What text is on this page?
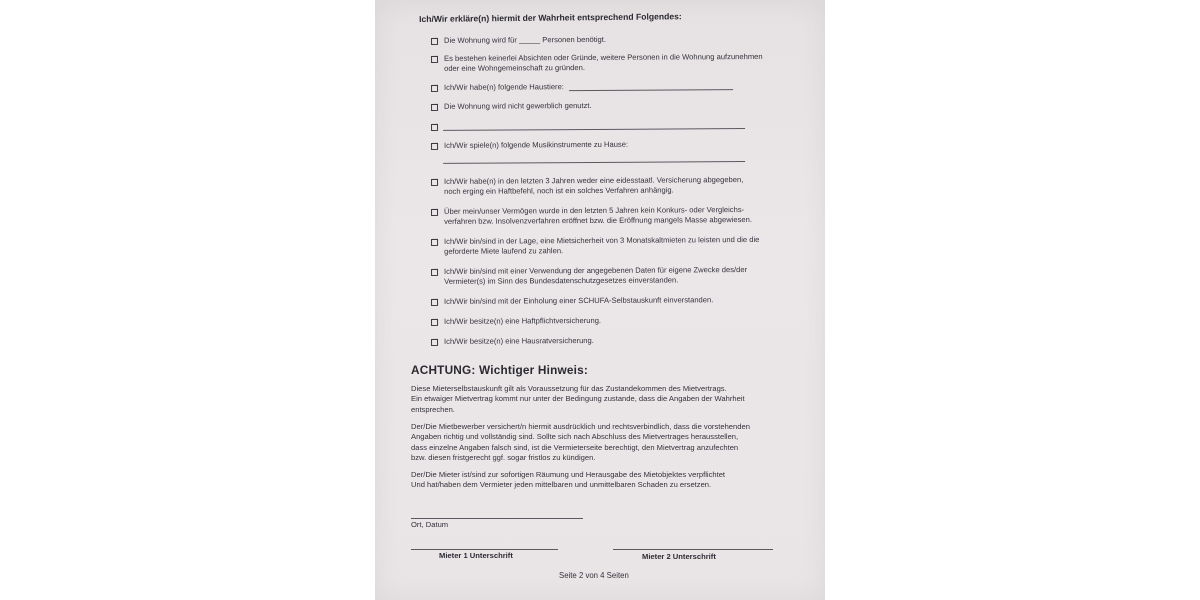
Ich/Wir erkläre(n) hiermit der Wahrheit entsprechend Folgendes:
Die Wohnung wird für _____ Personen benötigt.
Es bestehen keinerlei Absichten oder Gründe, weitere Personen in die Wohnung aufzunehmen
oder eine Wohngemeinschaft zu gründen.
Ich/Wir habe(n) folgende Haustiere:
Die Wohnung wird nicht gewerblich genutzt.
Ich/Wir spiele(n) folgende Musikinstrumente zu Hause:
Ich/Wir habe(n) in den letzten 3 Jahren weder eine eidesstaatl. Versicherung abgegeben,
noch erging ein Haftbefehl, noch ist ein solches Verfahren anhängig.
Über mein/unser Vermögen wurde in den letzten 5 Jahren kein Konkurs- oder Vergleichs-
verfahren bzw. Insolvenzverfahren eröffnet bzw. die Eröffnung mangels Masse abgewiesen.
Ich/Wir bin/sind in der Lage, eine Mietsicherheit von 3 Monatskaltmieten zu leisten und die die
geforderte Miete laufend zu zahlen.
Ich/Wir bin/sind mit einer Verwendung der angegebenen Daten für eigene Zwecke des/der
Vermieter(s) im Sinn des Bundesdatenschutzgesetzes einverstanden.
Ich/Wir bin/sind mit der Einholung einer SCHUFA-Selbstauskunft einverstanden.
Ich/Wir besitze(n) eine Haftpflichtversicherung.
Ich/Wir besitze(n) eine Hausratversicherung.
ACHTUNG: Wichtiger Hinweis:
Diese Mieterselbstauskunft gilt als Voraussetzung für das Zustandekommen des Mietvertrags.
Ein etwaiger Mietvertrag kommt nur unter der Bedingung zustande, dass die Angaben der Wahrheit
entsprechen.
Der/Die Mietbewerber versichert/n hiermit ausdrücklich und rechtsverbindlich, dass die vorstehenden
Angaben richtig und vollständig sind. Sollte sich nach Abschluss des Mietvertrages herausstellen,
dass einzelne Angaben falsch sind, ist die Vermieterseite berechtigt, den Mietvertrag anzufechten
bzw. diesen fristgerecht ggf. sogar fristlos zu kündigen.
Der/Die Mieter ist/sind zur sofortigen Räumung und Herausgabe des Mietobjektes verpflichtet
Und hat/haben dem Vermieter jeden mittelbaren und unmittelbaren Schaden zu ersetzen.
Ort, Datum
Mieter 1 Unterschrift	Mieter 2 Unterschrift
Seite 2 von 4 Seiten
